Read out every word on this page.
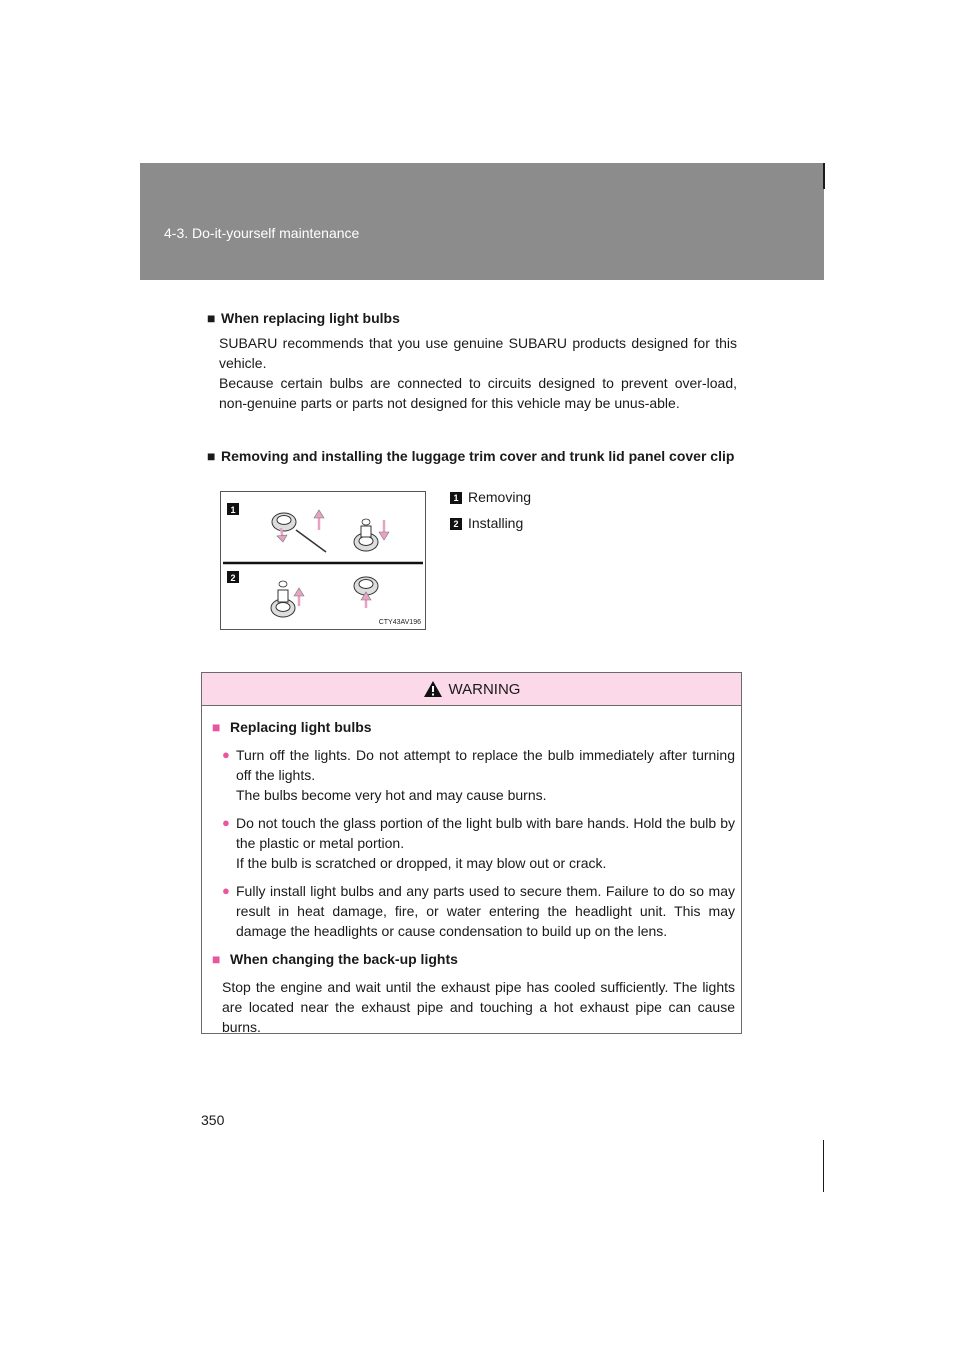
4-3. Do-it-yourself maintenance
■ When replacing light bulbs
SUBARU recommends that you use genuine SUBARU products designed for this vehicle.
Because certain bulbs are connected to circuits designed to prevent over-load, non-genuine parts or parts not designed for this vehicle may be unus-able.
■ Removing and installing the luggage trim cover and trunk lid panel cover clip
1
2
CTY43AV196
1 Removing
2 Installing
WARNING
■ Replacing light bulbs
● Turn off the lights. Do not attempt to replace the bulb immediately after turning off the lights.
The bulbs become very hot and may cause burns.
● Do not touch the glass portion of the light bulb with bare hands. Hold the bulb by the plastic or metal portion.
If the bulb is scratched or dropped, it may blow out or crack.
● Fully install light bulbs and any parts used to secure them. Failure to do so may result in heat damage, fire, or water entering the headlight unit. This may damage the headlights or cause condensation to build up on the lens.
■ When changing the back-up lights
Stop the engine and wait until the exhaust pipe has cooled sufficiently. The lights are located near the exhaust pipe and touching a hot exhaust pipe can cause burns.
350
